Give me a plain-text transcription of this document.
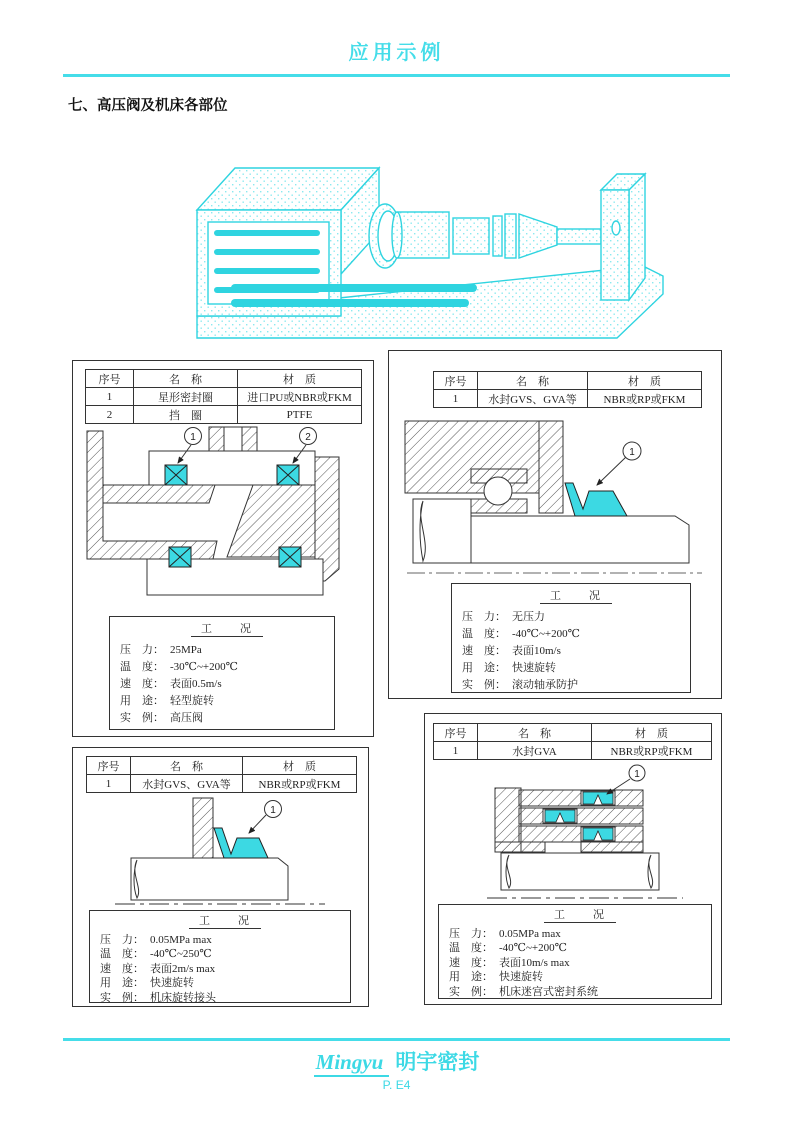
应用示例
七、高压阀及机床各部位
序号	名　称	材　质
1	星形密封圈	进口PU或NBR或FKM
2	挡　圈	PTFE
1	2
工　　况
压　力： 25MPa
温　度： -30℃~+200℃
速　度： 表面0.5m/s
用　途： 轻型旋转
实　例： 高压阀
序号	名　称	材　质
1	水封GVS、GVA等	NBR或RP或FKM
1
工　　况
压　力： 无压力
温　度： -40℃~+200℃
速　度： 表面10m/s
用　途： 快速旋转
实　例： 滚动轴承防护
序号	名　称	材　质
1	水封GVS、GVA等	NBR或RP或FKM
1
工　　况
压　力： 0.05MPa max
温　度： -40℃~250℃
速　度： 表面2m/s max
用　途： 快速旋转
实　例： 机床旋转接头
序号	名　称	材　质
1	水封GVA	NBR或RP或FKM
1
工　　况
压　力： 0.05MPa max
温　度： -40℃~+200℃
速　度： 表面10m/s max
用　途： 快速旋转
实　例： 机床迷宫式密封系统
Mingyu 明宇密封
P. E4
